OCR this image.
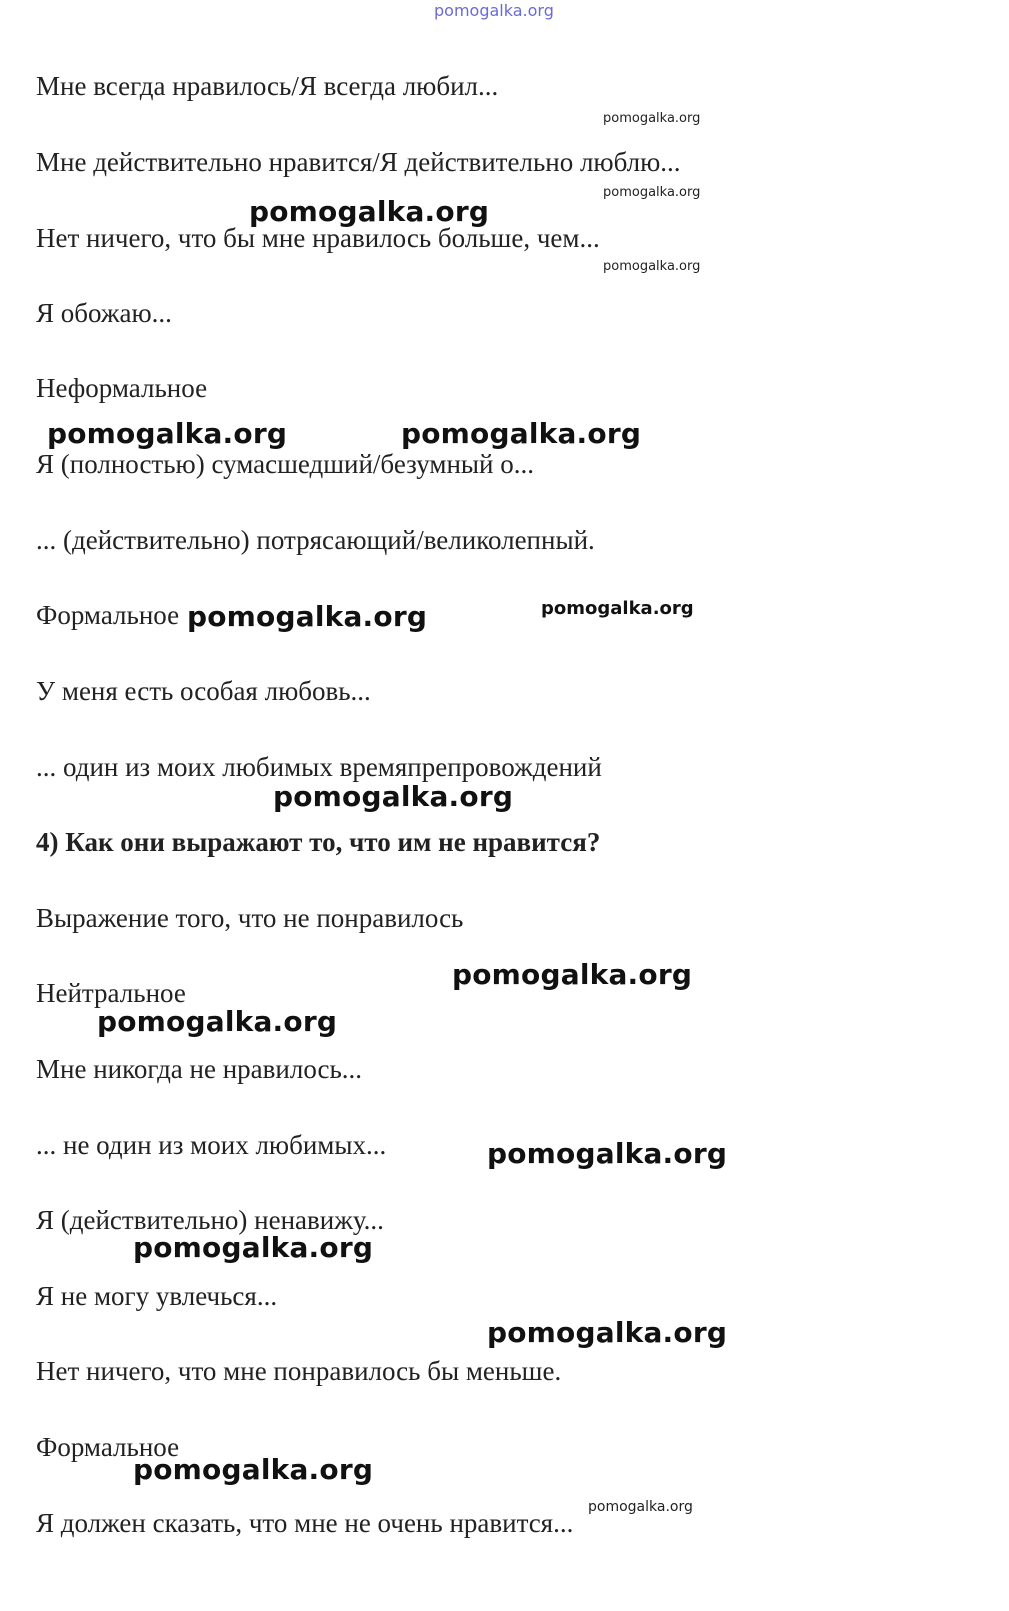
pomogalka.org
Мне всегда нравилось/Я всегда любил...
Мне действительно нравится/Я действительно люблю...
Нет ничего, что бы мне нравилось больше, чем...
Я обожаю...
Неформальное
Я (полностью) сумасшедший/безумный о...
... (действительно) потрясающий/великолепный.
Формальное
У меня есть особая любовь...
... один из моих любимых времяпрепровождений
4) Как они выражают то, что им не нравится?
Выражение того, что не понравилось
Нейтральное
Мне никогда не нравилось...
... не один из моих любимых...
Я (действительно) ненавижу...
Я не могу увлечься...
Нет ничего, что мне понравилось бы меньше.
Формальное
Я должен сказать, что мне не очень нравится...
pomogalka.org
pomogalka.org
pomogalka.org
pomogalka.org
pomogalka.org	pomogalka.org
pomogalka.org	pomogalka.org
pomogalka.org
pomogalka.org
pomogalka.org
pomogalka.org
pomogalka.org
pomogalka.org
pomogalka.org
pomogalka.org
